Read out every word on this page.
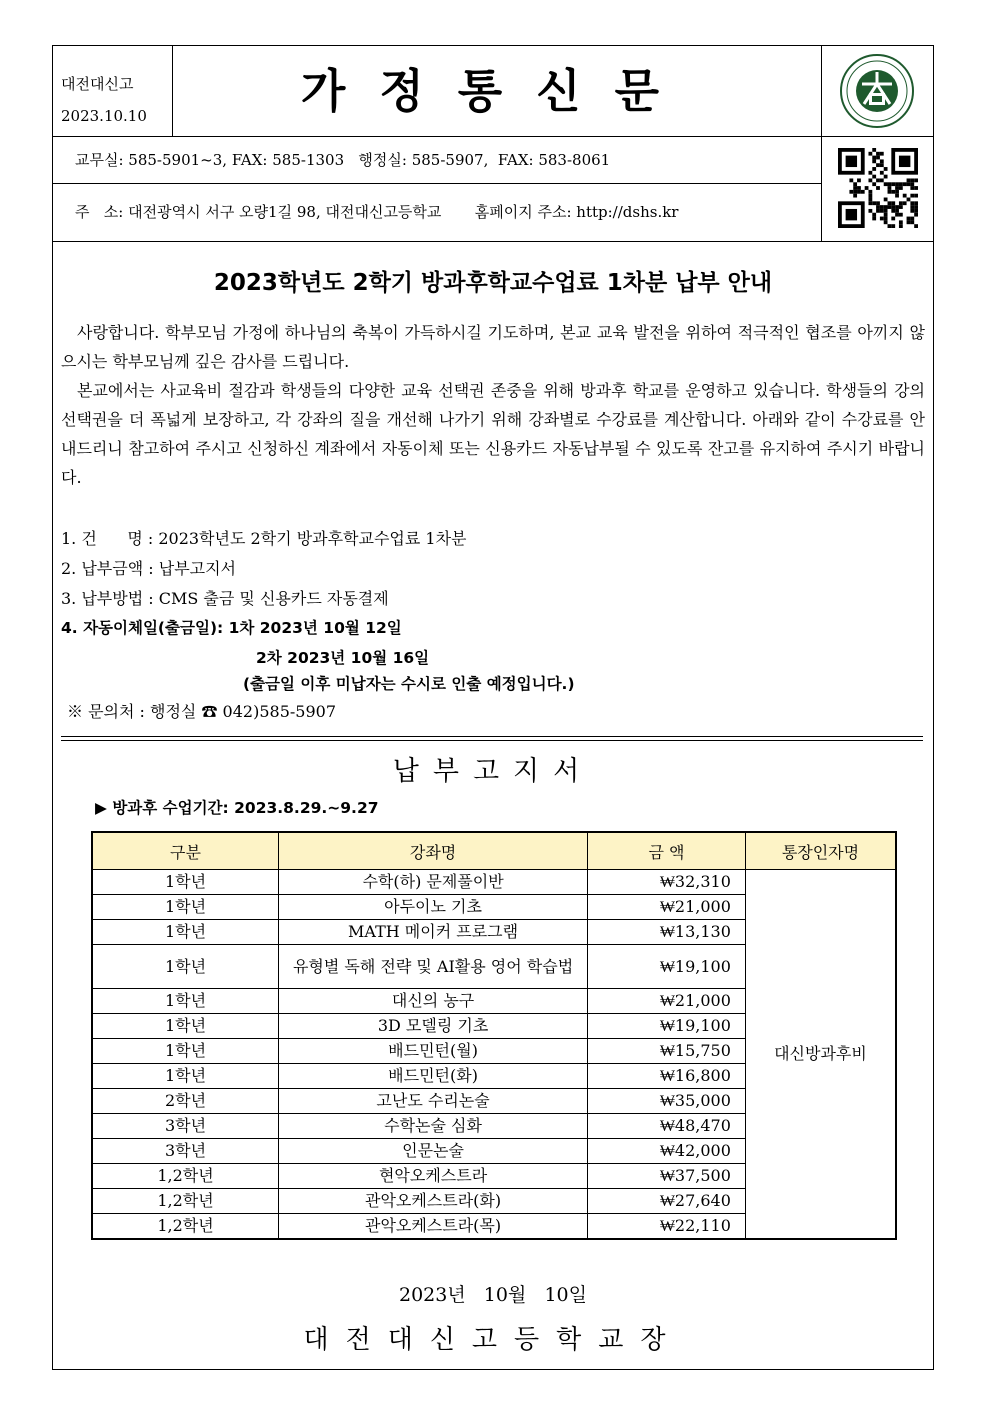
대전대신고
2023.10.10	가정통신문
교무실: 585-5901~3, FAX: 585-1303   행정실: 585-5907,  FAX: 583-8061
주   소: 대전광역시 서구 오량1길 98, 대전대신고등학교       홈페이지 주소: http://dshs.kr
2023학년도 2학기 방과후학교수업료 1차분 납부 안내
사랑합니다. 학부모님 가정에 하나님의 축복이 가득하시길 기도하며, 본교 교육 발전을 위하여 적극적인 협조를 아끼지 않으시는 학부모님께 깊은 감사를 드립니다.
본교에서는 사교육비 절감과 학생들의 다양한 교육 선택권 존중을 위해 방과후 학교를 운영하고 있습니다. 학생들의 강의 선택권을 더 폭넓게 보장하고, 각 강좌의 질을 개선해 나가기 위해 강좌별로 수강료를 계산합니다. 아래와 같이 수강료를 안내드리니 참고하여 주시고 신청하신 계좌에서 자동이체 또는 신용카드 자동납부될 수 있도록 잔고를 유지하여 주시기 바랍니다.
1. 건      명 : 2023학년도 2학기 방과후학교수업료 1차분
2. 납부금액 : 납부고지서
3. 납부방법 : CMS 출금 및 신용카드 자동결제
4. 자동이체일(출금일): 1차 2023년 10월 12일
2차 2023년 10월 16일
(출금일 이후 미납자는 수시로 인출 예정입니다.)
※ 문의처 : 행정실 ☎ 042)585-5907
납부고지서
▶ 방과후 수업기간: 2023.8.29.~9.27
구분	강좌명	금 액	통장인자명
1학년	수학(하) 문제풀이반	₩32,310	대신방과후비
1학년	아두이노 기초	₩21,000	
1학년	MATH 메이커 프로그램	₩13,130	
1학년	유형별 독해 전략 및 AI활용 영어 학습법	₩19,100	
1학년	대신의 농구	₩21,000	
1학년	3D 모델링 기초	₩19,100	
1학년	배드민턴(월)	₩15,750	
1학년	배드민턴(화)	₩16,800	
2학년	고난도 수리논술	₩35,000	
3학년	수학논술 심화	₩48,470	
3학년	인문논술	₩42,000	
1,2학년	현악오케스트라	₩37,500	
1,2학년	관악오케스트라(화)	₩27,640	
1,2학년	관악오케스트라(목)	₩22,110	
2023년   10월   10일
대전대신고등학교장
